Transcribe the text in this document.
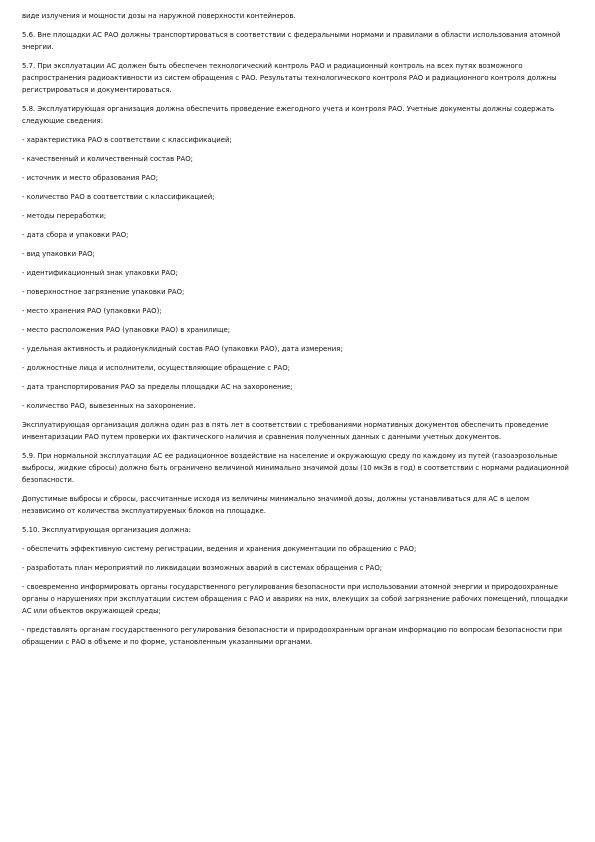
виде излучения и мощности дозы на наружной поверхности контейнеров.

5.6. Вне площадки АС РАО должны транспортироваться в соответствии с федеральными нормами и правилами в области использования атомной энергии.

5.7. При эксплуатации АС должен быть обеспечен технологический контроль РАО и радиационный контроль на всех путях возможного распространения радиоактивности из систем обращения с РАО. Результаты технологического контроля РАО и радиационного контроля должны регистрироваться и документироваться.

5.8. Эксплуатирующая организация должна обеспечить проведение ежегодного учета и контроля РАО. Учетные документы должны содержать следующие сведения:

- характеристика РАО в соответствии с классификацией;

- качественный и количественный состав РАО;

- источник и место образования РАО;

- количество РАО в соответствии с классификацией;

- методы переработки;

- дата сбора и упаковки РАО;

- вид упаковки РАО;

- идентификационный знак упаковки РАО;

- поверхностное загрязнение упаковки РАО;

- место хранения РАО (упаковки РАО);

- место расположения РАО (упаковки РАО) в хранилище;

- удельная активность и радионуклидный состав РАО (упаковки РАО), дата измерения;

- должностные лица и исполнители, осуществляющие обращение с РАО;

- дата транспортирования РАО за пределы площадки АС на захоронение;

- количество РАО, вывезенных на захоронение.

Эксплуатирующая организация должна один раз в пять лет в соответствии с требованиями нормативных документов обеспечить проведение инвентаризации РАО путем проверки их фактического наличия и сравнения полученных данных с данными учетных документов.

5.9. При нормальной эксплуатации АС ее радиационное воздействие на население и окружающую среду по каждому из путей (газоаэрозольные выбросы, жидкие сбросы) должно быть ограничено величиной минимально значимой дозы (10 мкЗв в год) в соответствии с нормами радиационной безопасности.

Допустимые выбросы и сбросы, рассчитанные исходя из величины минимально значимой дозы, должны устанавливаться для АС в целом независимо от количества эксплуатируемых блоков на площадке.

5.10. Эксплуатирующая организация должна:

- обеспечить эффективную систему регистрации, ведения и хранения документации по обращению с РАО;

- разработать план мероприятий по ликвидации возможных аварий в системах обращения с РАО;

- своевременно информировать органы государственного регулирования безопасности при использовании атомной энергии и природоохранные органы о нарушениях при эксплуатации систем обращения с РАО и авариях на них, влекущих за собой загрязнение рабочих помещений, площадки АС или объектов окружающей среды;

- представлять органам государственного регулирования безопасности и природоохранным органам информацию по вопросам безопасности при обращении с РАО в объеме и по форме, установленным указанными органами.
